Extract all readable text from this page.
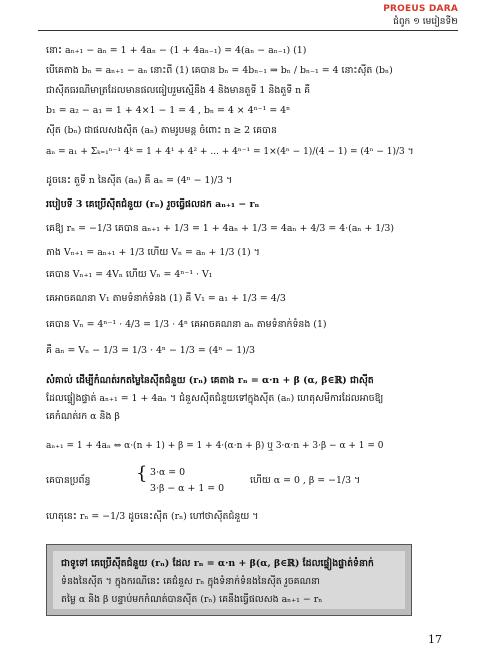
PROEUS DARA
ជំពូក ១ មេរៀនទី២
នោះ aₙ₊₁ − aₙ = 1 + 4aₙ − (1 + 4aₙ₋₁) = 4(aₙ − aₙ₋₁) (1)
បើគេតាង bₙ = aₙ₊₁ − aₙ នោះពី (1) គេបាន bₙ = 4bₙ₋₁ ⇒ bₙ / bₙ₋₁ = 4 នោះស៊ីត (bₙ)
ជាស៊ីតធរណីមាត្រដែលមានផលធៀបរួមស្មើនឹង 4 និងមានតួទី 1 និងតួទី n គឺ
b₁ = a₂ − a₁ = 1 + 4×1 − 1 = 4 , bₙ = 4 × 4ⁿ⁻¹ = 4ⁿ
ស៊ីត (bₙ) ជាផលសងស៊ីត (aₙ) តាមរូបមន្ត ចំពោះ n ≥ 2 គេបាន
aₙ = a₁ + Σₖ₌₁ⁿ⁻¹ 4ᵏ = 1 + 4¹ + 4² + ... + 4ⁿ⁻¹ = 1×(4ⁿ − 1)/(4 − 1) = (4ⁿ − 1)/3 ។
ដូចនេះ តួទី n នៃស៊ីត (aₙ) គឺ aₙ = (4ⁿ − 1)/3 ។
របៀបទី 3 គេប្រើស៊ីតជំនួយ (rₙ) រួចធ្វើផលដក aₙ₊₁ − rₙ
គេឱ្យ rₙ = −1/3 គេបាន aₙ₊₁ + 1/3 = 1 + 4aₙ + 1/3 = 4aₙ + 4/3 = 4·(aₙ + 1/3)
តាង Vₙ₊₁ = aₙ₊₁ + 1/3 ហើយ Vₙ = aₙ + 1/3 (1) ។
គេបាន Vₙ₊₁ = 4Vₙ ហើយ Vₙ = 4ⁿ⁻¹ · V₁
គេអាចគណនា V₁ តាមទំនាក់ទំនង (1) គឺ V₁ = a₁ + 1/3 = 4/3
គេបាន Vₙ = 4ⁿ⁻¹ · 4/3 = 1/3 · 4ⁿ គេអាចគណនា aₙ តាមទំនាក់ទំនង (1)
គឺ aₙ = Vₙ − 1/3 = 1/3 · 4ⁿ − 1/3 = (4ⁿ − 1)/3
សំគាល់ ដើម្បីកំណត់រកតម្លៃនៃស៊ីតជំនួយ (rₙ) គេតាង rₙ = α·n + β (α, β∈ℝ) ជាស៊ីត
ដែលផ្ទៀងផ្ទាត់ aₙ₊₁ = 1 + 4aₙ ។ ជំនួសស៊ីតជំនួយទៅក្នុងស៊ីត (aₙ) ហេតុសមីការដែលអាចឱ្យ
គេកំណត់រក α និង β
aₙ₊₁ = 1 + 4aₙ ⇔ α·(n + 1) + β = 1 + 4·(α·n + β) ឬ 3·α·n + 3·β − α + 1 = 0
គេបានប្រព័ន្ធ	{ 3·α = 0
3·β − α + 1 = 0
ហើយ α = 0 , β = −1/3 ។
ហេតុនេះ rₙ = −1/3 ដូចនេះស៊ីត (rₙ) ហៅថាស៊ីតជំនួយ ។
ជាទូទៅ គេប្រើស៊ីតជំនួយ (rₙ) ដែល rₙ = α·n + β(α, β∈ℝ) ដែលផ្ទៀងផ្ទាត់ទំនាក់
ទំនងនៃស៊ីត ។ ក្នុងករណីនេះ គេជំនួស rₙ ក្នុងទំនាក់ទំនងនៃស៊ីត រួចគណនា
តម្លៃ α និង β បន្ទាប់មកកំណត់បានស៊ីត (rₙ) គេនឹងធ្វើផលសង aₙ₊₁ − rₙ
17
